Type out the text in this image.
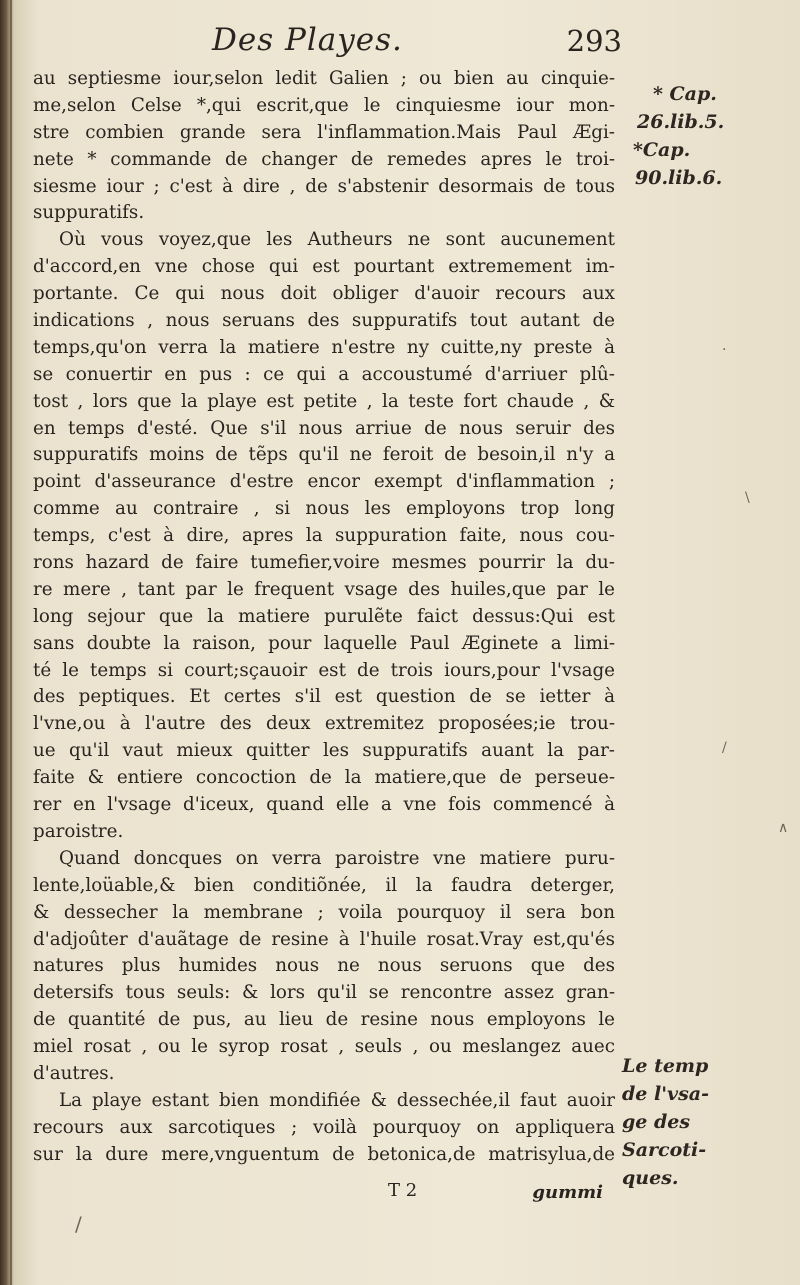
Des Playes.	293
au septiesme iour,selon ledit Galien ; ou bien au cinquie-
me,selon Celse *,qui escrit,que le cinquiesme iour mon-
stre combien grande sera l'inflammation.Mais Paul Ægi-
nete * commande de changer de remedes apres le troi-
siesme iour ; c'est à dire , de s'abstenir desormais de tous
suppuratifs.
Où vous voyez,que les Autheurs ne sont aucunement
d'accord,en vne chose qui est pourtant extremement im-
portante. Ce qui nous doit obliger d'auoir recours aux
indications , nous seruans des suppuratifs tout autant de
temps,qu'on verra la matiere n'estre ny cuitte,ny preste à
se conuertir en pus : ce qui a accoustumé d'arriuer plû-
tost , lors que la playe est petite , la teste fort chaude , &
en temps d'esté. Que s'il nous arriue de nous seruir des
suppuratifs moins de tẽps qu'il ne feroit de besoin,il n'y a
point d'asseurance d'estre encor exempt d'inflammation ;
comme au contraire , si nous les employons trop long
temps, c'est à dire, apres la suppuration faite, nous cou-
rons hazard de faire tumefier,voire mesmes pourrir la du-
re mere , tant par le frequent vsage des huiles,que par le
long sejour que la matiere purulẽte faict dessus:Qui est
sans doubte la raison, pour laquelle Paul Æginete a limi-
té le temps si court;sçauoir est de trois iours,pour l'vsage
des peptiques. Et certes s'il est question de se ietter à
l'vne,ou à l'autre des deux extremitez proposées;ie trou-
ue qu'il vaut mieux quitter les suppuratifs auant la par-
faite & entiere concoction de la matiere,que de perseue-
rer en l'vsage d'iceux, quand elle a vne fois commencé à
paroistre.
Quand doncques on verra paroistre vne matiere puru-
lente,loüable,& bien conditiõnée, il la faudra deterger,
& dessecher la membrane ; voila pourquoy il sera bon
d'adjoûter d'auãtage de resine à l'huile rosat.Vray est,qu'és
natures plus humides nous ne nous seruons que des
detersifs tous seuls: & lors qu'il se rencontre assez gran-
de quantité de pus, au lieu de resine nous employons le
miel rosat , ou le syrop rosat , seuls , ou meslangez auec
d'autres.
La playe estant bien mondifiée & dessechée,il faut auoir
recours aux sarcotiques ; voilà pourquoy on appliquera
sur la dure mere,vnguentum de betonica,de matrisylua,de
* Cap.
26.lib.5.
*Cap.
90.lib.6.
Le temp
de l'vsa-
ge des
Sarcoti-
ques.
T 2	gummi
·
\
/
∧
/
